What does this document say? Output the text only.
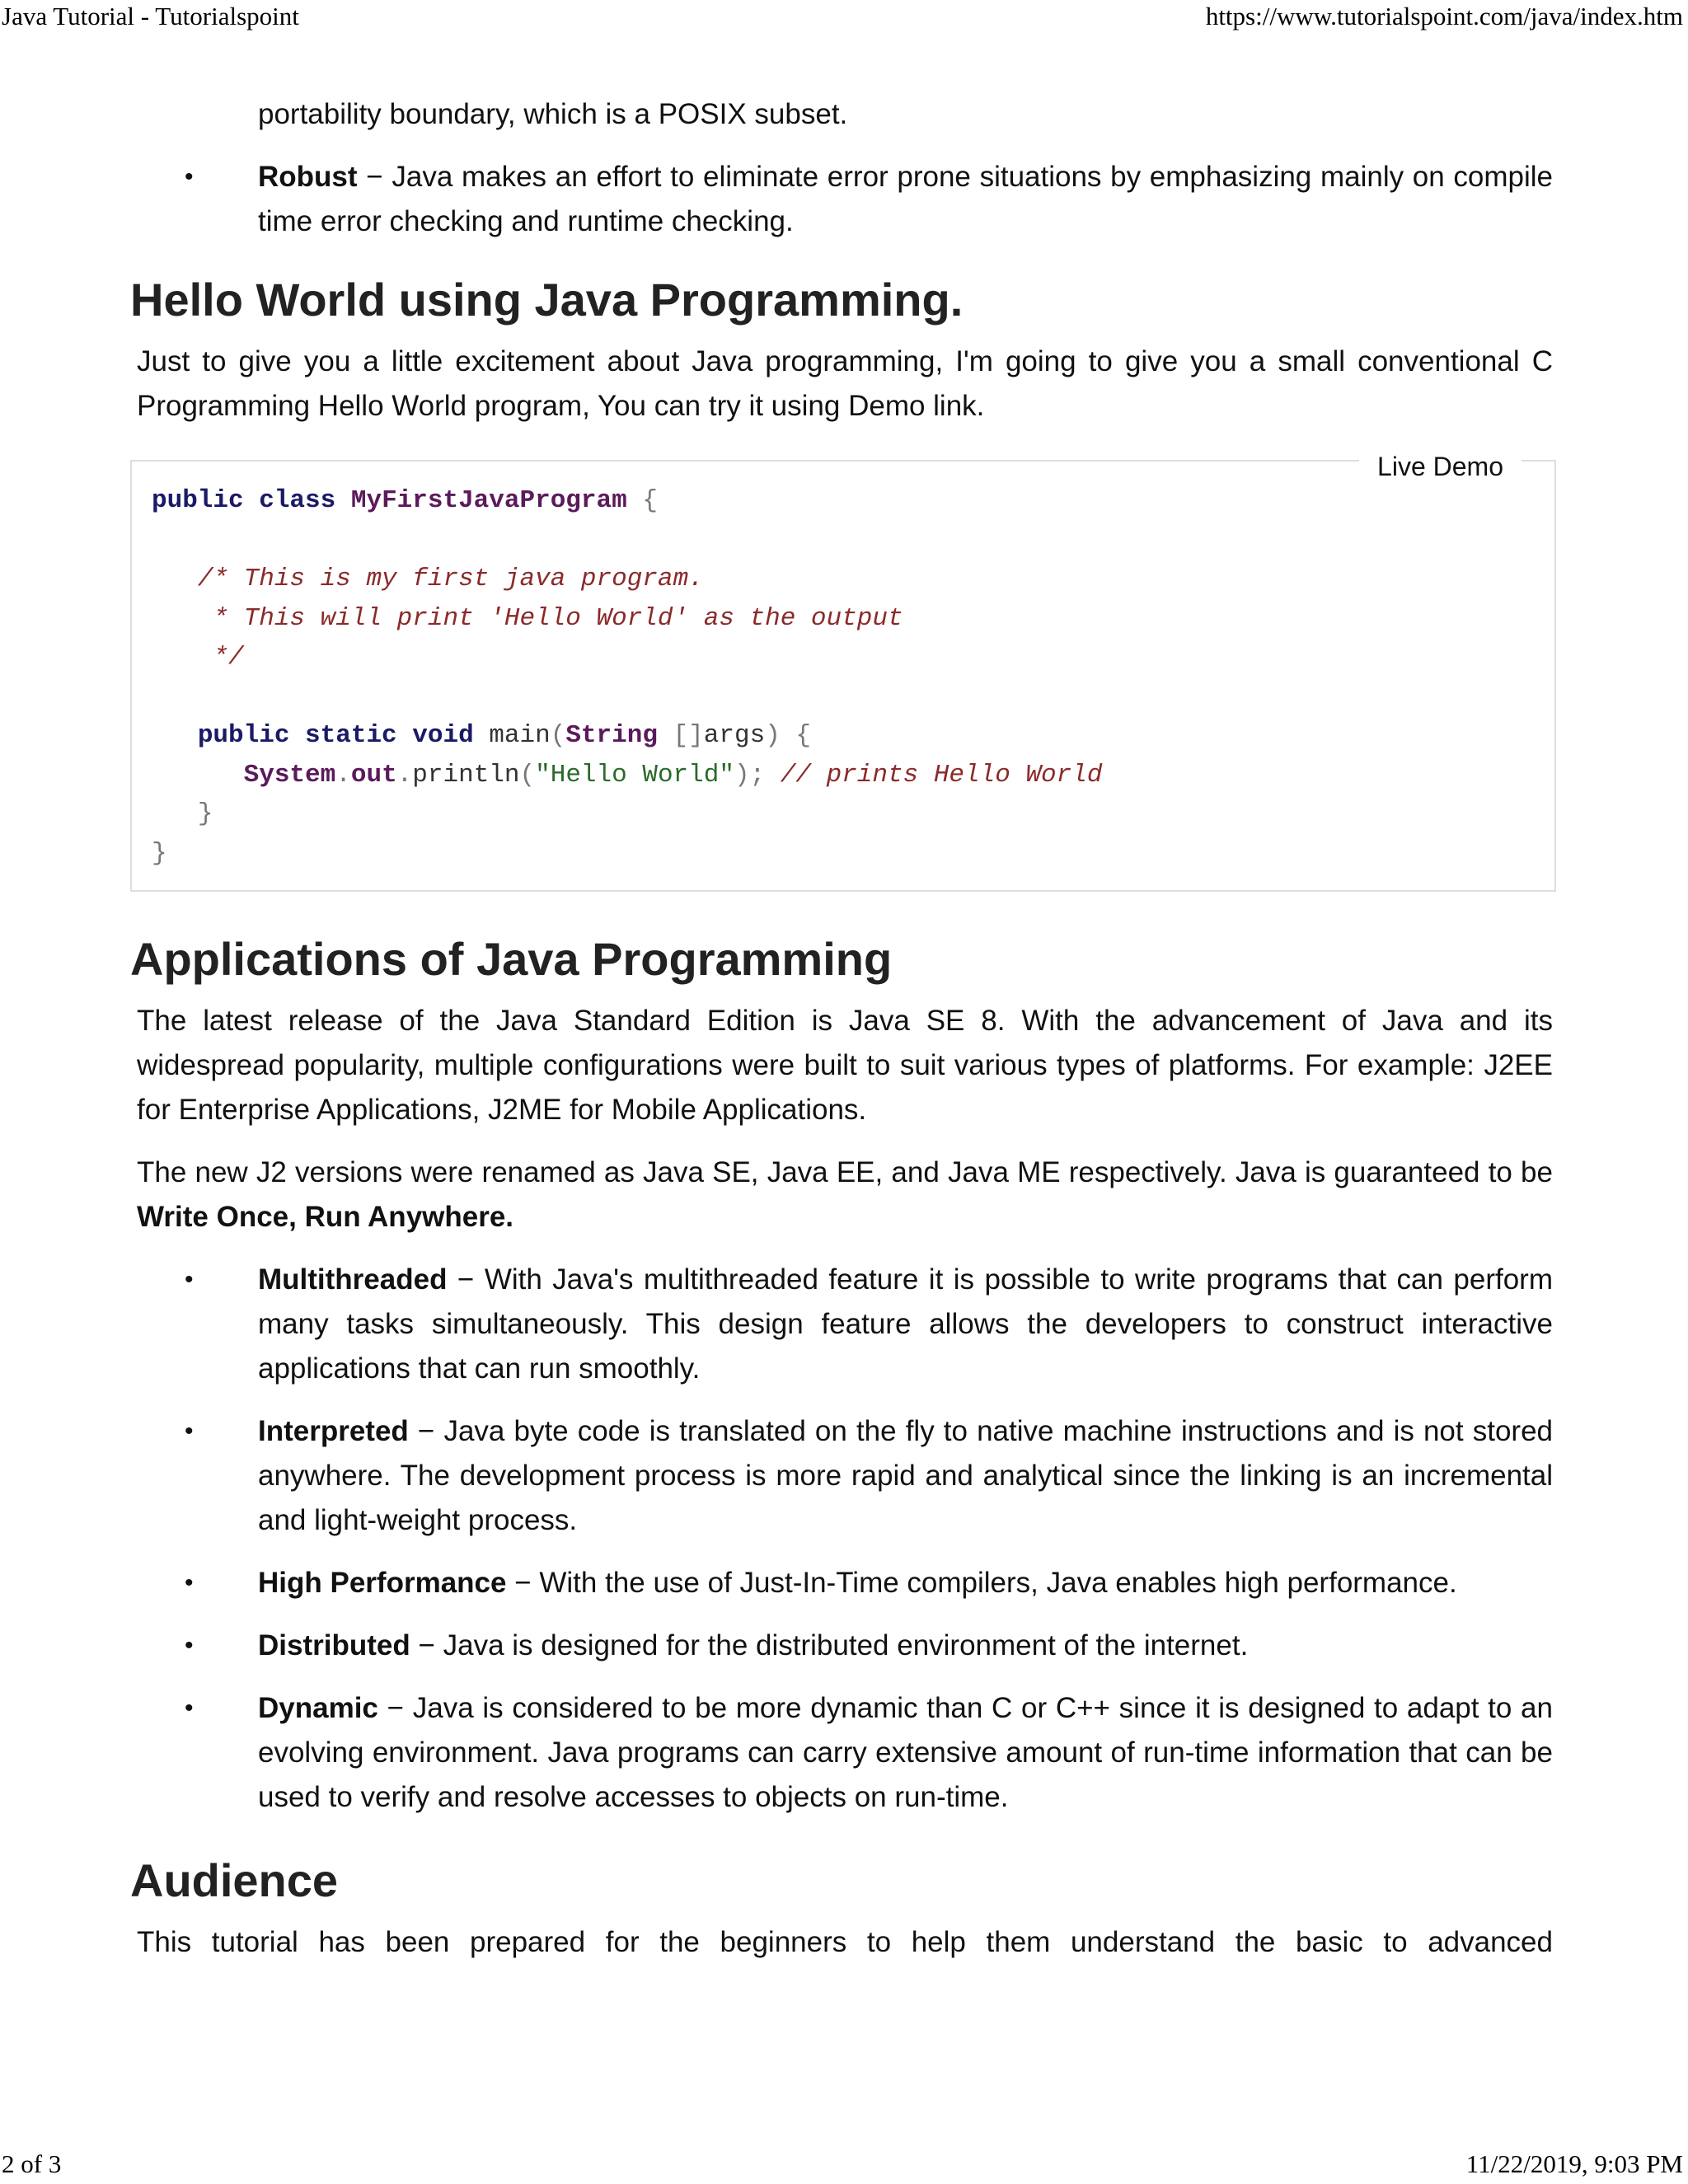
Java Tutorial - Tutorialspoint	https://www.tutorialspoint.com/java/index.htm

portability boundary, which is a POSIX subset.

• Robust − Java makes an effort to eliminate error prone situations by emphasizing mainly on compile time error checking and runtime checking.

Hello World using Java Programming.

Just to give you a little excitement about Java programming, I'm going to give you a small conventional C Programming Hello World program, You can try it using Demo link.

Live Demo
public class MyFirstJavaProgram {

/* This is my first java program.
* This will print 'Hello World' as the output
*/

public static void main(String []args) {
System.out.println("Hello World"); // prints Hello World
}
}
Applications of Java Programming

The latest release of the Java Standard Edition is Java SE 8. With the advancement of Java and its widespread popularity, multiple configurations were built to suit various types of platforms. For example: J2EE for Enterprise Applications, J2ME for Mobile Applications.

The new J2 versions were renamed as Java SE, Java EE, and Java ME respectively. Java is guaranteed to be Write Once, Run Anywhere.

• Multithreaded − With Java's multithreaded feature it is possible to write programs that can perform many tasks simultaneously. This design feature allows the developers to construct interactive applications that can run smoothly.

• Interpreted − Java byte code is translated on the fly to native machine instructions and is not stored anywhere. The development process is more rapid and analytical since the linking is an incremental and light-weight process.

• High Performance − With the use of Just-In-Time compilers, Java enables high performance.

• Distributed − Java is designed for the distributed environment of the internet.

• Dynamic − Java is considered to be more dynamic than C or C++ since it is designed to adapt to an evolving environment. Java programs can carry extensive amount of run-time information that can be used to verify and resolve accesses to objects on run-time.

Audience

This tutorial has been prepared for the beginners to help them understand the basic to advanced

2 of 3	11/22/2019, 9:03 PM
